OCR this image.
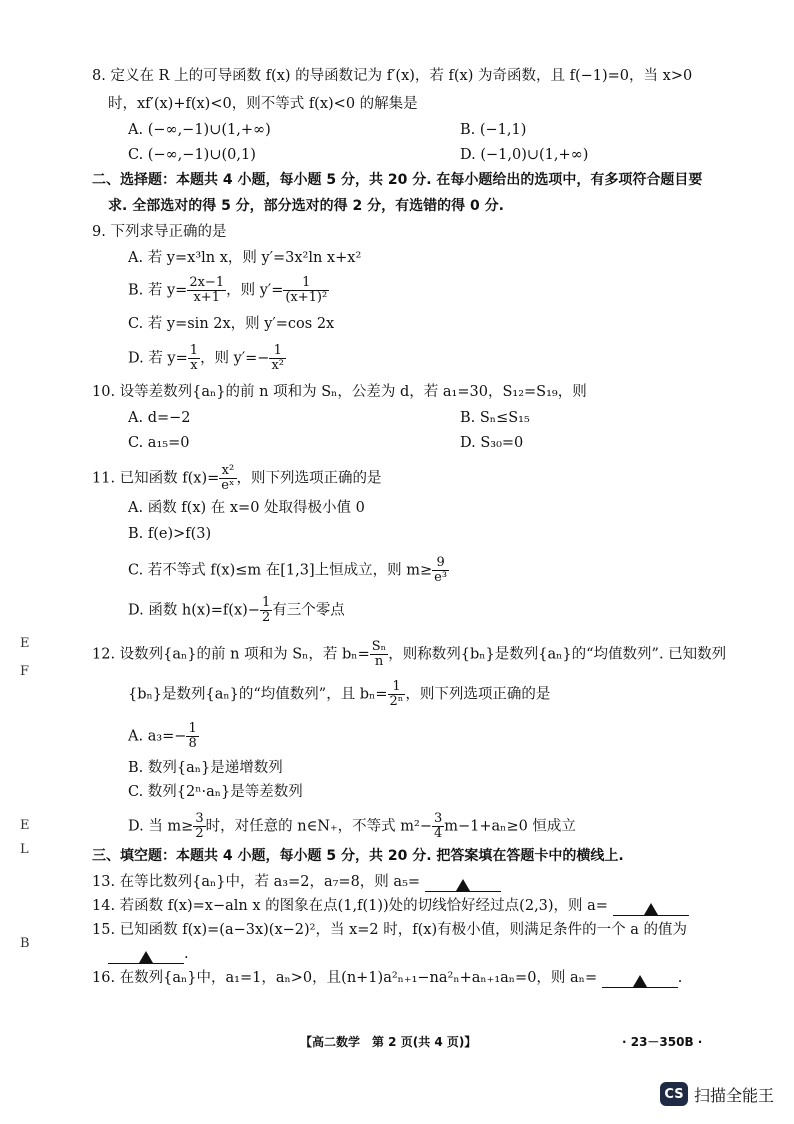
8. 定义在 R 上的可导函数 f(x) 的导函数记为 f′(x)，若 f(x) 为奇函数，且 f(−1)=0，当 x>0
时，xf′(x)+f(x)<0，则不等式 f(x)<0 的解集是
A. (−∞,−1)∪(1,+∞)	B. (−1,1)
C. (−∞,−1)∪(0,1)	D. (−1,0)∪(1,+∞)
二、选择题：本题共 4 小题，每小题 5 分，共 20 分. 在每小题给出的选项中，有多项符合题目要
求. 全部选对的得 5 分，部分选对的得 2 分，有选错的得 0 分.
9. 下列求导正确的是
A. 若 y=x³ln x，则 y′=3x²ln x+x²
B. 若 $y= \frac{2x-1}{x+1}$ ，则 $y'= \frac{1}{\text{(x+1)²}}$
C. 若 y=sin 2x，则 y′=cos 2x
D. 若 $y= \frac{1}{x}$ ，则 $y'=- \frac{1}{\text{x²}}$
10. 设等差数列{aₙ}的前 n 项和为 Sₙ，公差为 d，若 a₁=30，S₁₂=S₁₉，则
A. d=−2	B. Sₙ≤S₁₅
C. a₁₅=0	D. S₃₀=0
11. 已知函数 $f(x)= \frac{\text{x²}}{\text{eˣ}}$ ，则下列选项正确的是
A. 函数 f(x) 在 x=0 处取得极小值 0
B. f(e)>f(3)
C. 若不等式 f(x)≤m 在[1,3]上恒成立，则 $m\ge \frac{9}{\text{e³}}$
D. 函数 $h(x)=f(x)- \frac{1}{2}$ 有三个零点
12. 设数列{aₙ}的前 n 项和为 Sₙ，若 $b_n= \frac{\text{Sₙ}}{n}$ ，则称数列{bₙ}是数列{aₙ}的“均值数列”. 已知数列
{bₙ}是数列{aₙ}的“均值数列”，且 $b_n= \frac{1}{\text{2ⁿ}}$ ，则下列选项正确的是
A. $a_3=- \frac{1}{8}$
B. 数列{aₙ}是递增数列
C. 数列{2ⁿ·aₙ}是等差数列
D. 当 $m\ge \frac{3}{2}$ 时，对任意的 n∈N₊，不等式 $m^2- \frac{3}{4} m-1+a_n\ge 0$ 恒成立
三、填空题：本题共 4 小题，每小题 5 分，共 20 分. 把答案填在答题卡中的横线上.
13. 在等比数列{aₙ}中，若 a₃=2，a₇=8，则 a₅=
14. 若函数 f(x)=x−aln x 的图象在点(1,f(1))处的切线恰好经过点(2,3)，则 a=
15. 已知函数 f(x)=(a−3x)(x−2)²，当 x=2 时，f(x)有极小值，则满足条件的一个 a 的值为
.
16. 在数列{aₙ}中，a₁=1，aₙ>0，且(n+1)a²ₙ₊₁−na²ₙ+aₙ₊₁aₙ=0，则 aₙ=	.
【高二数学　第 2 页(共 4 页)】	· 23－350B ·
E
F
E
L
B
CS 扫描全能王
